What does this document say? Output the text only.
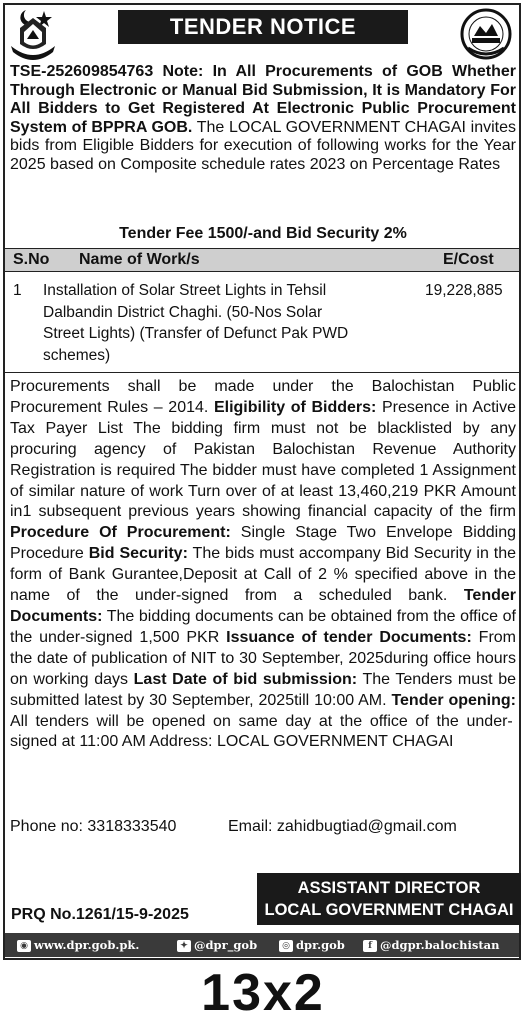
TENDER NOTICE
TSE-252609854763 Note: In All Procurements of GOB Whether Through Electronic or Manual Bid Submission, It is Mandatory For All Bidders to Get Registered At Electronic Public Procurement System of BPPRA GOB. The LOCAL GOVERNMENT CHAGAI invites bids from Eligible Bidders for execution of following works for the Year 2025 based on Composite schedule rates 2023 on Percentage Rates
Tender Fee 1500/-and Bid Security 2%
S.No Name of Work/s	E/Cost
1 Installation of Solar Street Lights in Tehsil Dalbandin District Chaghi. (50-Nos Solar Street Lights) (Transfer of Defunct Pak PWD schemes)
19,228,885
Procurements shall be made under the Balochistan Public Procurement Rules – 2014. Eligibility of Bidders: Presence in Active Tax Payer List The bidding firm must not be blacklisted by any procuring agency of Pakistan Balochistan Revenue Authority Registration is required The bidder must have completed 1 Assignment of similar nature of work Turn over of at least 13,460,219 PKR Amount in1 subsequent previous years showing financial capacity of the firm Procedure Of Procurement: Single Stage Two Envelope Bidding Procedure Bid Security: The bids must accompany Bid Security in the form of Bank Gurantee,Deposit at Call of 2 % specified above in the name of the under-signed from a scheduled bank. Tender Documents: The bidding documents can be obtained from the office of the under-signed 1,500 PKR Issuance of tender Documents: From the date of publication of NIT to 30 September, 2025during office hours on working days Last Date of bid submission: The Tenders must be submitted latest by 30 September, 2025till 10:00 AM. Tender opening: All tenders will be opened on same day at the office of the under-signed at 11:00 AM Address: LOCAL GOVERNMENT CHAGAI
Phone no: 3318333540	Email: zahidbugtiad@gmail.com
ASSISTANT DIRECTOR
LOCAL GOVERNMENT CHAGAI
PRQ No.1261/15-9-2025
◉ www.dpr.gob.pk.	✦ @dpr_gob	◎ dpr.gob	f @dgpr.balochistan
13x2
